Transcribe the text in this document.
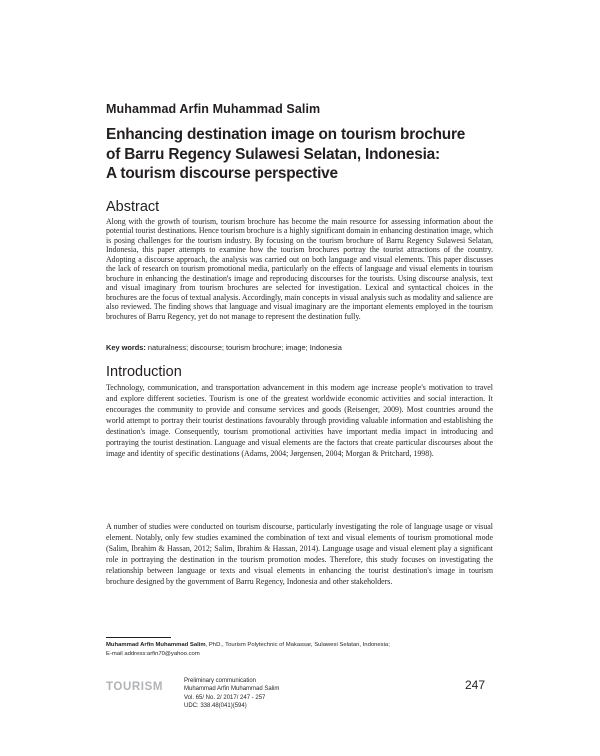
Muhammad Arfin Muhammad Salim
Enhancing destination image on tourism brochure
of Barru Regency Sulawesi Selatan, Indonesia:
A tourism discourse perspective
Abstract
Along with the growth of tourism, tourism brochure has become the main resource for assessing information about the potential tourist destinations. Hence tourism brochure is a highly significant domain in enhancing destination image, which is posing challenges for the tourism industry. By focusing on the tourism brochure of Barru Regency Sulawesi Selatan, Indonesia, this paper attempts to examine how the tourism brochures portray the tourist attractions of the country. Adopting a discourse approach, the analysis was carried out on both language and visual elements. This paper discusses the lack of research on tourism promotional media, particularly on the effects of language and visual elements in tourism brochure in enhancing the destination's image and reproducing discourses for the tourists. Using discourse analysis, text and visual imaginary from tourism brochures are selected for investigation. Lexical and syntactical choices in the brochures are the focus of textual analysis. Accordingly, main concepts in visual analysis such as modality and salience are also reviewed. The finding shows that language and visual imaginary are the important elements employed in the tourism brochures of Barru Regency, yet do not manage to represent the destination fully.
Key words: naturalness; discourse; tourism brochure; image; Indonesia
Introduction
Technology, communication, and transportation advancement in this modern age increase people's motivation to travel and explore different societies. Tourism is one of the greatest worldwide economic activities and social interaction. It encourages the community to provide and consume services and goods (Reisenger, 2009). Most countries around the world attempt to portray their tourist destinations favourably through providing valuable information and establishing the destination's image. Consequently, tourism promotional activities have important media impact in introducing and portraying the tourist destination. Language and visual elements are the factors that create particular discourses about the image and identity of specific destinations (Adams, 2004; Jørgensen, 2004; Morgan & Pritchard, 1998).
A number of studies were conducted on tourism discourse, particularly investigating the role of language usage or visual element. Notably, only few studies examined the combination of text and visual elements of tourism promotional mode (Salim, Ibrahim & Hassan, 2012; Salim, Ibrahim & Hassan, 2014). Language usage and visual element play a significant role in portraying the destination in the tourism promotion modes. Therefore, this study focuses on investigating the relationship between language or texts and visual elements in enhancing the tourist destination's image in tourism brochure designed by the government of Barru Regency, Indonesia and other stakeholders.
Muhammad Arfin Muhammad Salim, PhD., Tourism Polytechnic of Makassar, Sulawesi Selatan, Indonesia;
E-mail address:arfin70@yahoo.com
TOURISM	Preliminary communication
Muhammad Arfin Muhammad Salim
Vol. 65/ No. 2/ 2017/ 247 - 257
UDC: 338.48(041)(594)
247
